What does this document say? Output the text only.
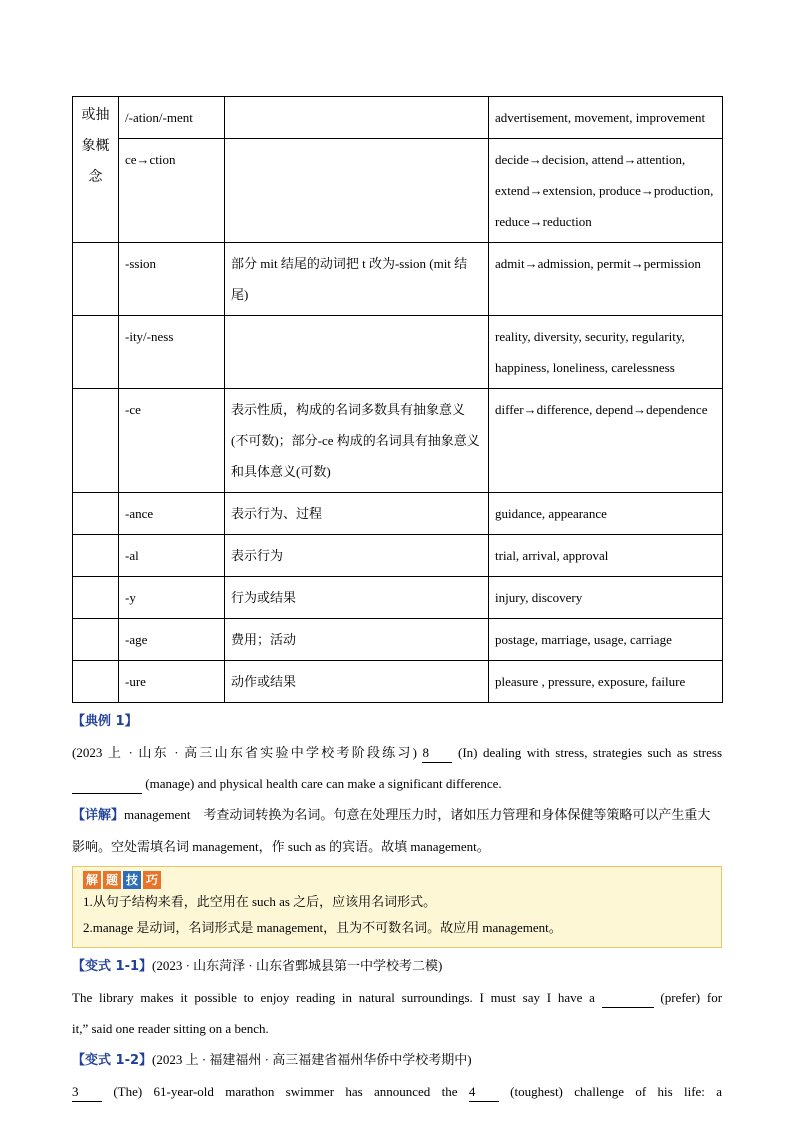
或抽象概念	/-ation/-ment		advertisement, movement, improvement
	ce→ction		decide→decision, attend→attention, extend→extension, produce→production, reduce→reduction
	-ssion	部分 mit 结尾的动词把 t 改为-ssion (mit 结尾)	admit→admission, permit→permission
	-ity/-ness		reality, diversity, security, regularity, happiness, loneliness, carelessness
	-ce	表示性质，构成的名词多数具有抽象意义(不可数)；部分-ce 构成的名词具有抽象意义和具体意义(可数)	differ→difference, depend→dependence
	-ance	表示行为、过程	guidance, appearance
	-al	表示行为	trial, arrival, approval
	-y	行为或结果	injury, discovery
	-age	费用；活动	postage, marriage, usage, carriage
	-ure	动作或结果	pleasure , pressure, exposure, failure

【典例 1】

(2023 上 · 山东 · 高三山东省实验中学校考阶段练习) 8 (In) dealing with stress, strategies such as stress

(manage) and physical health care can make a significant difference.

【详解】management　考查动词转换为名词。句意在处理压力时，诸如压力管理和身体保健等策略可以产生重大影响。空处需填名词 management，作 such as 的宾语。故填 management。

解 题 技 巧

1.从句子结构来看，此空用在 such as 之后，应该用名词形式。

2.manage 是动词，名词形式是 management，且为不可数名词。故应用 management。

【变式 1-1】(2023 · 山东菏泽 · 山东省鄄城县第一中学校考二模)

The library makes it possible to enjoy reading in natural surroundings. I must say I have a	(prefer) for

it,” said one reader sitting on a bench.

【变式 1-2】(2023 上 · 福建福州 · 高三福建省福州华侨中学校考期中)

3	(The) 61-year-old marathon swimmer has announced the 4	(toughest) challenge of his life: a
